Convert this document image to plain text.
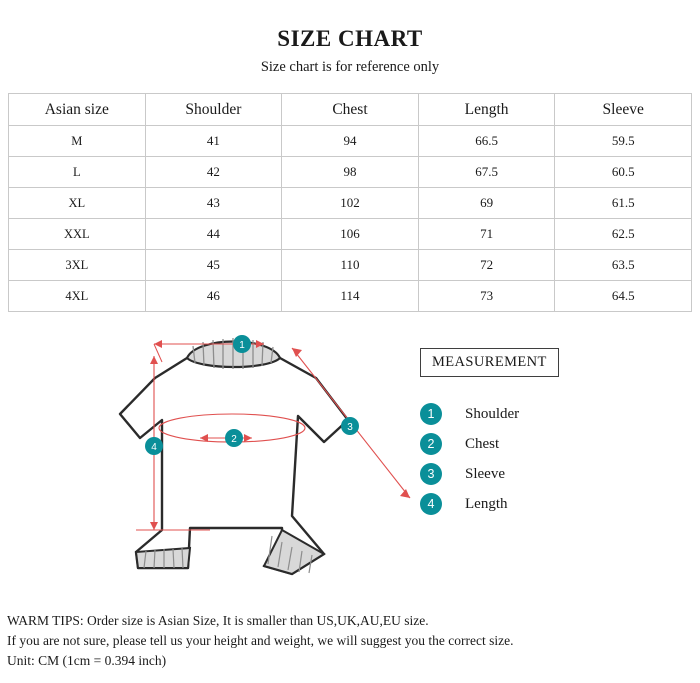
SIZE CHART
Size chart is for reference only
Asian size	Shoulder	Chest	Length	Sleeve
M	41	94	66.5	59.5
L	42	98	67.5	60.5
XL	43	102	69	61.5
XXL	44	106	71	62.5
3XL	45	110	72	63.5
4XL	46	114	73	64.5
1
2
3
4
MEASUREMENT
1	Shoulder
2	Chest
3	Sleeve
4	Length
WARM TIPS: Order size is Asian Size, It is smaller than US,UK,AU,EU size.
If you are not sure, please tell us your height and weight, we will suggest you the correct size.
Unit: CM (1cm = 0.394 inch)
